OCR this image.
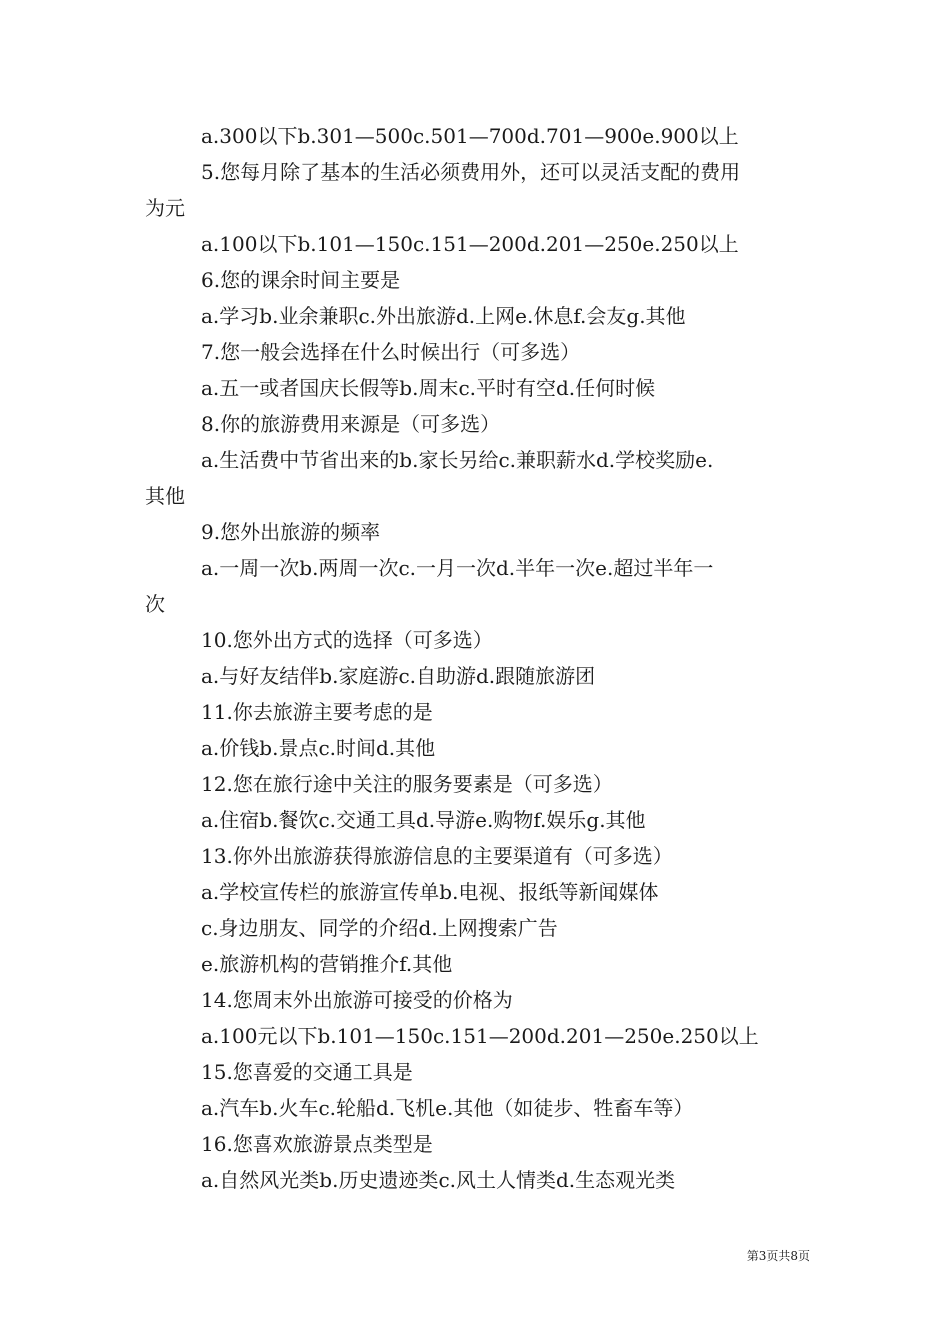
a.300以下b.301—500c.501—700d.701—900e.900以上
5.您每月除了基本的生活必须费用外，还可以灵活支配的费用
为元
a.100以下b.101—150c.151—200d.201—250e.250以上
6.您的课余时间主要是
a.学习b.业余兼职c.外出旅游d.上网e.休息f.会友g.其他
7.您一般会选择在什么时候出行（可多选）
a.五一或者国庆长假等b.周末c.平时有空d.任何时候
8.你的旅游费用来源是（可多选）
a.生活费中节省出来的b.家长另给c.兼职薪水d.学校奖励e.
其他
9.您外出旅游的频率
a.一周一次b.两周一次c.一月一次d.半年一次e.超过半年一
次
10.您外出方式的选择（可多选）
a.与好友结伴b.家庭游c.自助游d.跟随旅游团
11.你去旅游主要考虑的是
a.价钱b.景点c.时间d.其他
12.您在旅行途中关注的服务要素是（可多选）
a.住宿b.餐饮c.交通工具d.导游e.购物f.娱乐g.其他
13.你外出旅游获得旅游信息的主要渠道有（可多选）
a.学校宣传栏的旅游宣传单b.电视、报纸等新闻媒体
c.身边朋友、同学的介绍d.上网搜索广告
e.旅游机构的营销推介f.其他
14.您周末外出旅游可接受的价格为
a.100元以下b.101—150c.151—200d.201—250e.250以上
15.您喜爱的交通工具是
a.汽车b.火车c.轮船d.飞机e.其他（如徒步、牲畜车等）
16.您喜欢旅游景点类型是
a.自然风光类b.历史遗迹类c.风土人情类d.生态观光类
第3页共8页
